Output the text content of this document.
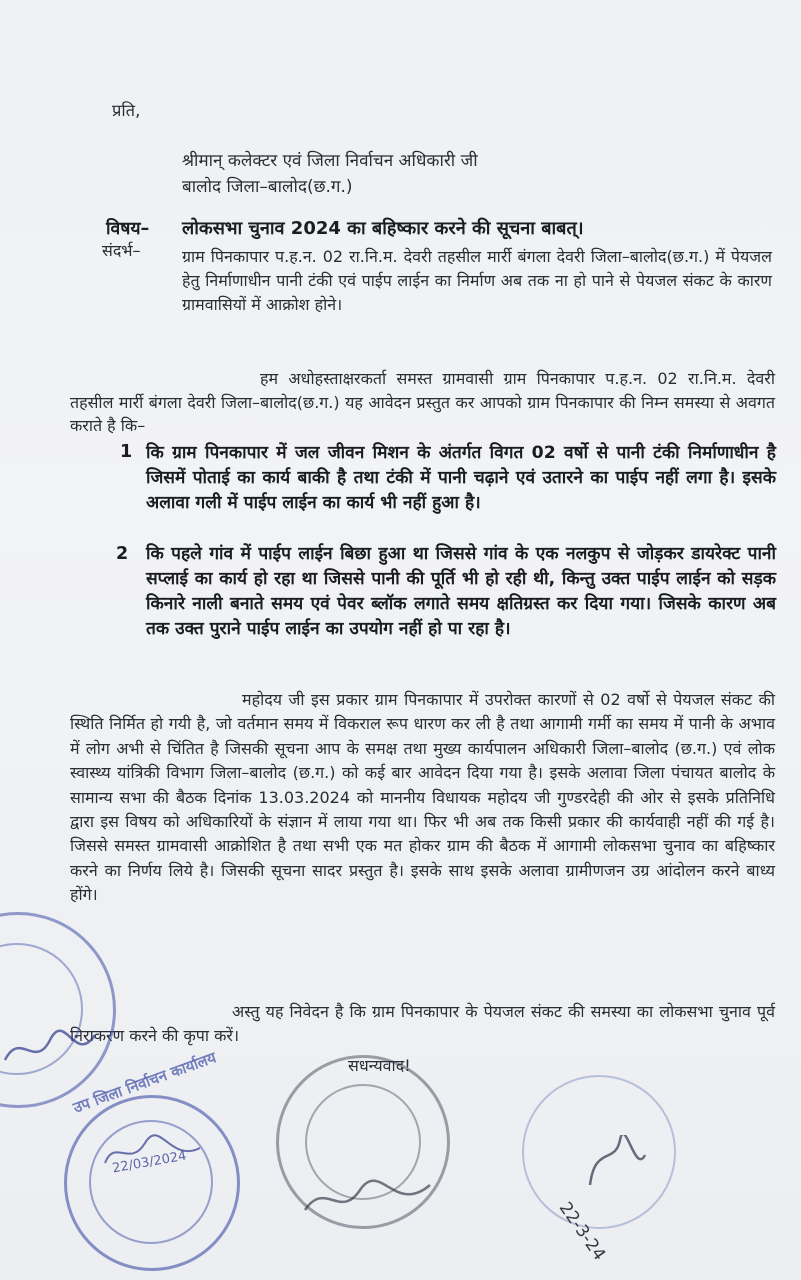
प्रति,
श्रीमान् कलेक्टर एवं जिला निर्वाचन अधिकारी जी
बालोद जिला–बालोद(छ.ग.)
विषय– लोकसभा चुनाव 2024 का बहिष्कार करने की सूचना बाबत्।
संदर्भ–	ग्राम पिनकापार प.ह.न. 02 रा.नि.म. देवरी तहसील मार्री बंगला देवरी जिला–बालोद(छ.ग.) में पेयजल हेतु निर्माणाधीन पानी टंकी एवं पाईप लाईन का निर्माण अब तक ना हो पाने से पेयजल संकट के कारण ग्रामवासियों में आक्रोश होने।
हम अधोहस्ताक्षरकर्ता समस्त ग्रामवासी ग्राम पिनकापार प.ह.न. 02 रा.नि.म. देवरी तहसील मार्री बंगला देवरी जिला–बालोद(छ.ग.) यह आवेदन प्रस्तुत कर आपको ग्राम पिनकापार की निम्न समस्या से अवगत कराते है कि–
1 कि ग्राम पिनकापार में जल जीवन मिशन के अंतर्गत विगत 02 वर्षो से पानी टंकी निर्माणाधीन है जिसमें पोताई का कार्य बाकी है तथा टंकी में पानी चढ़ाने एवं उतारने का पाईप नहीं लगा है। इसके अलावा गली में पाईप लाईन का कार्य भी नहीं हुआ है।
2 कि पहले गांव में पाईप लाईन बिछा हुआ था जिससे गांव के एक नलकुप से जोड़कर डायरेक्ट पानी सप्लाई का कार्य हो रहा था जिससे पानी की पूर्ति भी हो रही थी, किन्तु उक्त पाईप लाईन को सड़क किनारे नाली बनाते समय एवं पेवर ब्लॉक लगाते समय क्षतिग्रस्त कर दिया गया। जिसके कारण अब तक उक्त पुराने पाईप लाईन का उपयोग नहीं हो पा रहा है।
महोदय जी इस प्रकार ग्राम पिनकापार में उपरोक्त कारणों से 02 वर्षो से पेयजल संकट की स्थिति निर्मित हो गयी है, जो वर्तमान समय में विकराल रूप धारण कर ली है तथा आगामी गर्मी का समय में पानी के अभाव में लोग अभी से चिंतित है जिसकी सूचना आप के समक्ष तथा मुख्य कार्यपालन अधिकारी जिला–बालोद (छ.ग.) एवं लोक स्वास्थ्य यांत्रिकी विभाग जिला–बालोद (छ.ग.) को कई बार आवेदन दिया गया है। इसके अलावा जिला पंचायत बालोद के सामान्य सभा की बैठक दिनांक 13.03.2024 को माननीय विधायक महोदय जी गुण्डरदेही की ओर से इसके प्रतिनिधि द्वारा इस विषय को अधिकारियों के संज्ञान में लाया गया था। फिर भी अब तक किसी प्रकार की कार्यवाही नहीं की गई है। जिससे समस्त ग्रामवासी आक्रोशित है तथा सभी एक मत होकर ग्राम की बैठक में आगामी लोकसभा चुनाव का बहिष्कार करने का निर्णय लिये है। जिसकी सूचना सादर प्रस्तुत है। इसके साथ इसके अलावा ग्रामीणजन उग्र आंदोलन करने बाध्य होंगे।
अस्तु यह निवेदन है कि ग्राम पिनकापार के पेयजल संकट की समस्या का लोकसभा चुनाव पूर्व निराकरण करने की कृपा करें।
सधन्यवाद!
उप जिला निर्वाचन कार्यालय
22/03/2024
22-3-24
